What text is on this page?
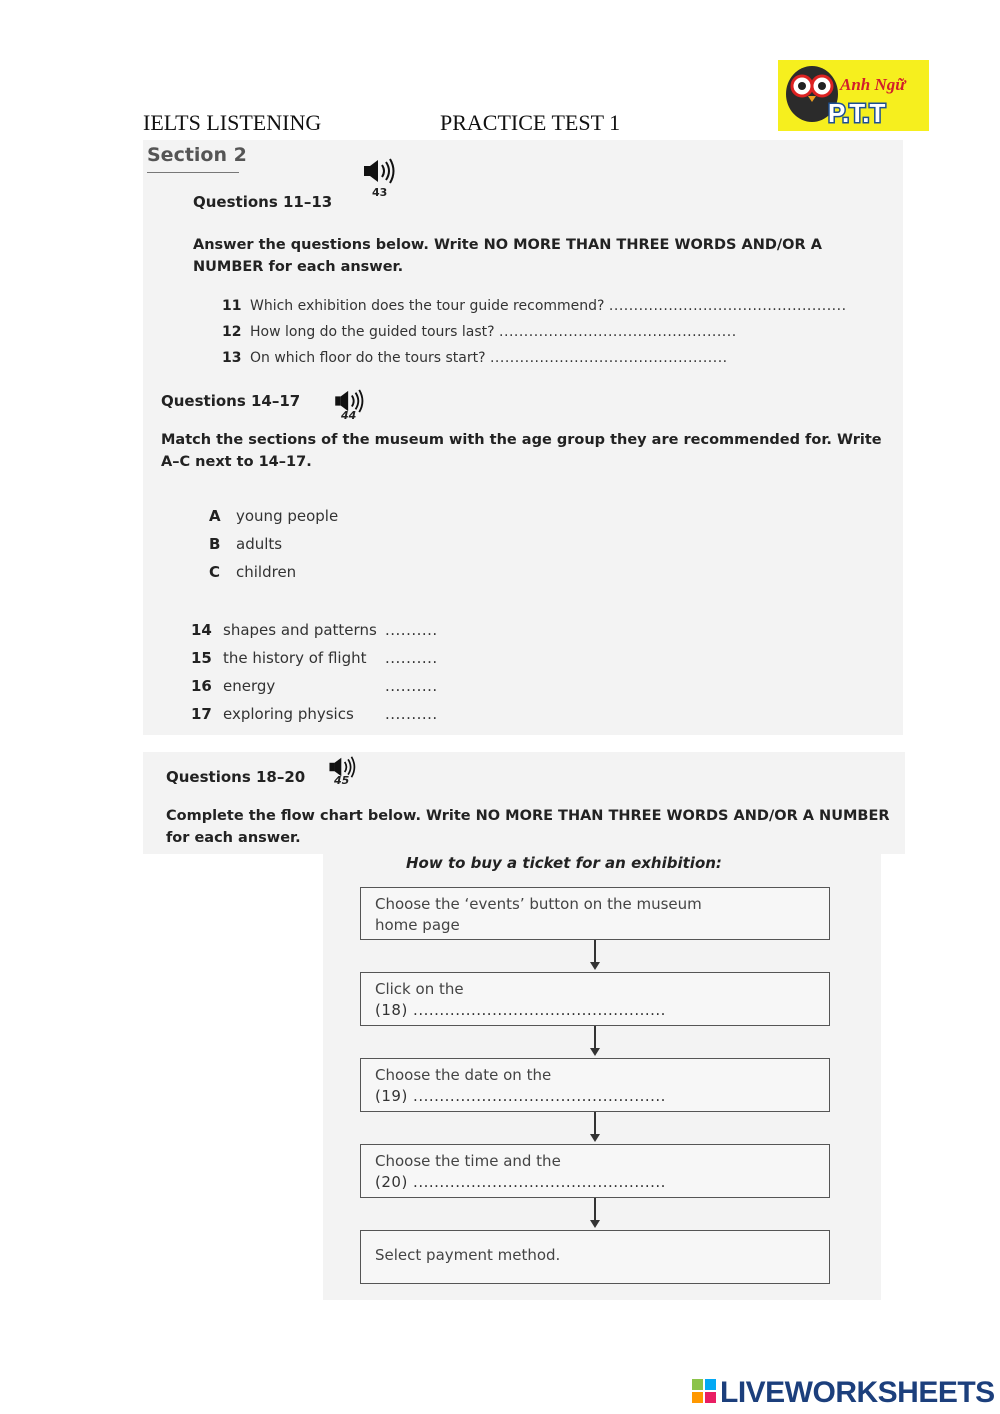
IELTS LISTENING	PRACTICE TEST 1
Anh Ngữ
P.T.T
Section 2
43
Questions 11–13
Answer the questions below. Write NO MORE THAN THREE WORDS AND/OR A NUMBER for each answer.
11 Which exhibition does the tour guide recommend? ................................................
12 How long do the guided tours last? ................................................
13 On which floor do the tours start? ................................................
44
Questions 14–17
Match the sections of the museum with the age group they are recommended for. Write A–C next to 14–17.
A young people
B adults
C children
14 shapes and patterns ..........
15 the history of flight ..........
16 energy	..........
17 exploring physics ..........
45
Questions 18–20
Complete the flow chart below. Write NO MORE THAN THREE WORDS AND/OR A NUMBER for each answer.
How to buy a ticket for an exhibition:
Choose the ‘events’ button on the museum
home page
Click on the
(18) ................................................
Choose the date on the
(19) ................................................
Choose the time and the
(20) ................................................
Select payment method.
LIVEWORKSHEETS
